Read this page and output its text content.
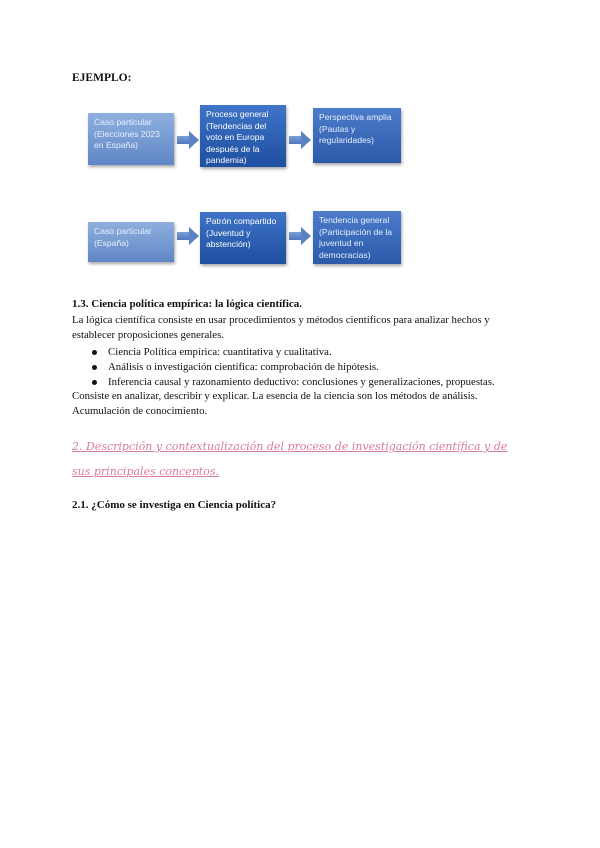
EJEMPLO:
Caso particular (Elecciones 2023 en España)
Proceso general (Tendencias del voto en Europa después de la pandemia)
Perspectiva amplia (Pautas y regularidades)
Caso particular (España)
Patrón compartido (Juventud y abstención)
Tendencia general (Participación de la juventud en democracias)
1.3. Ciencia política empírica: la lógica científica.
La lógica científica consiste en usar procedimientos y métodos científicos para analizar hechos y establecer proposiciones generales.
Ciencia Política empírica: cuantitativa y cualitativa.
Análisis o investigación científica: comprobación de hipótesis.
Inferencia causal y razonamiento deductivo: conclusiones y generalizaciones, propuestas.
Consiste en analizar, describir y explicar. La esencia de la ciencia son los métodos de análisis. Acumulación de conocimiento.
2. Descripción y contextualización del proceso de investigación científica y de sus principales conceptos.
2.1. ¿Cómo se investiga en Ciencia política?
